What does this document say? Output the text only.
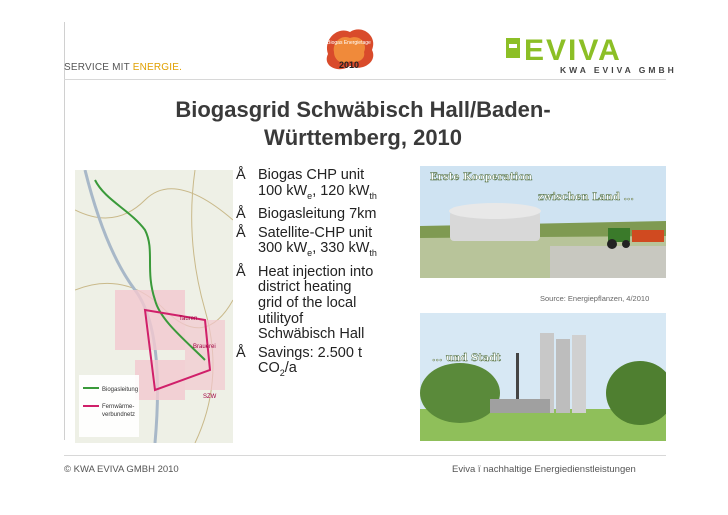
SERVICE MIT ENERGIE.
Biogas Energietage
2010	EVIVA
KWA EVIVA GMBH
Biogasgrid Schwäbisch Hall/Baden-
Württemberg, 2010
Biogasleitung
Fernwärme-
verbundnetz
Tauren
Brauerei
SZW
Å Biogas CHP unit
100 $kW_e$, 120 $kW_{th}$
Å Biogasleitung 7km
Å Satellite-CHP unit
300 $kW_e$, 330 $kW_{th}$
Å Heat injection into
district heating
grid of the local
utilityof
Schwäbisch Hall
Å Savings: 2.500 t
$CO_2/a$
Erste Kooperation
zwischen Land ...
Source: Energiepflanzen, 4/2010
... und Stadt
© KWA EVIVA GMBH 2010	Eviva ï nachhaltige Energiedienstleistungen
